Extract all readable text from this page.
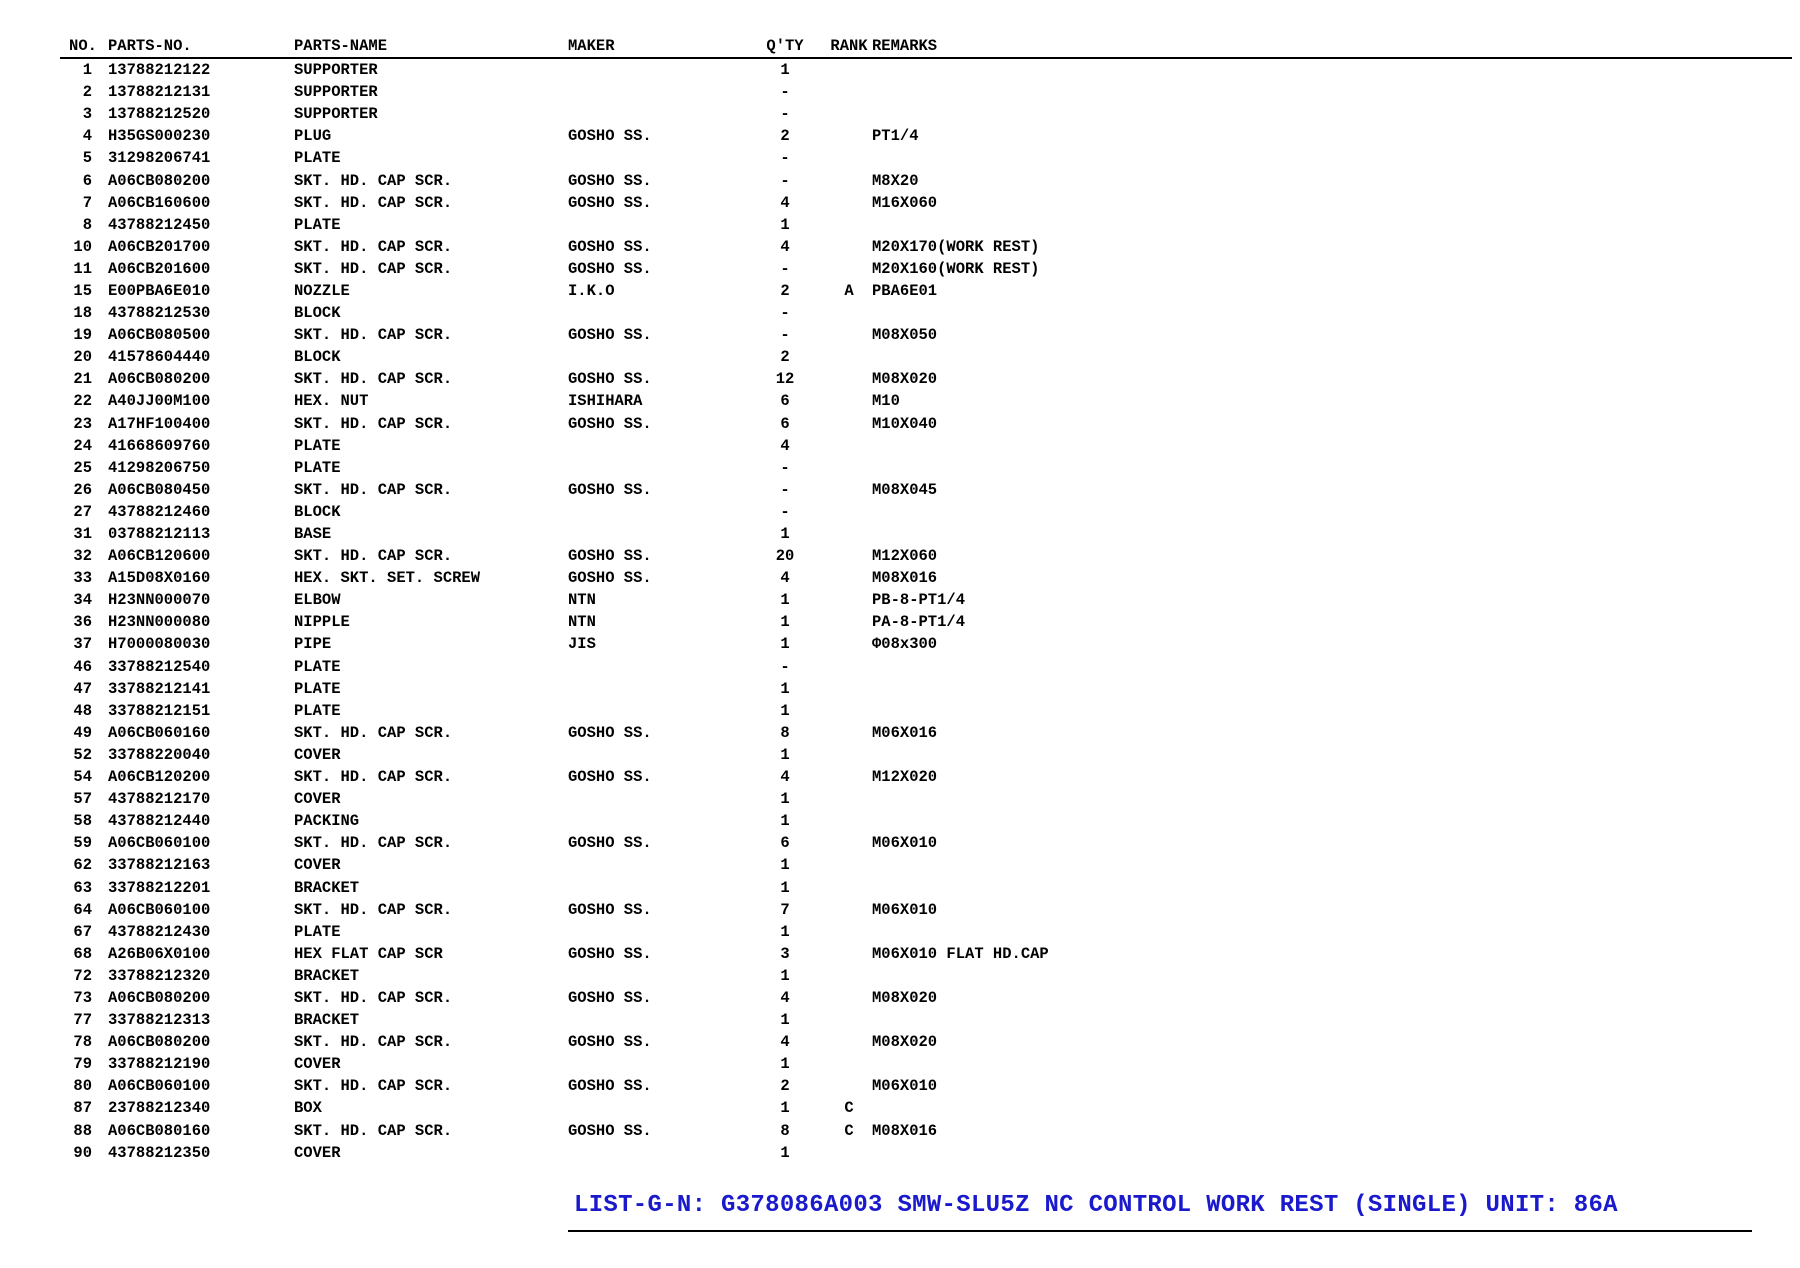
NO.	PARTS-NO.	PARTS-NAME	MAKER	Q'TY	RANK	REMARKS
1	13788212122	SUPPORTER		1		
2	13788212131	SUPPORTER		-		
3	13788212520	SUPPORTER		-		
4	H35GS000230	PLUG	GOSHO SS.	2		PT1/4
5	31298206741	PLATE		-		
6	A06CB080200	SKT. HD. CAP SCR.	GOSHO SS.	-		M8X20
7	A06CB160600	SKT. HD. CAP SCR.	GOSHO SS.	4		M16X060
8	43788212450	PLATE		1		
10	A06CB201700	SKT. HD. CAP SCR.	GOSHO SS.	4		M20X170(WORK REST)
11	A06CB201600	SKT. HD. CAP SCR.	GOSHO SS.	-		M20X160(WORK REST)
15	E00PBA6E010	NOZZLE	I.K.O	2	A	PBA6E01
18	43788212530	BLOCK		-		
19	A06CB080500	SKT. HD. CAP SCR.	GOSHO SS.	-		M08X050
20	41578604440	BLOCK		2		
21	A06CB080200	SKT. HD. CAP SCR.	GOSHO SS.	12		M08X020
22	A40JJ00M100	HEX. NUT	ISHIHARA	6		M10
23	A17HF100400	SKT. HD. CAP SCR.	GOSHO SS.	6		M10X040
24	41668609760	PLATE		4		
25	41298206750	PLATE		-		
26	A06CB080450	SKT. HD. CAP SCR.	GOSHO SS.	-		M08X045
27	43788212460	BLOCK		-		
31	03788212113	BASE		1		
32	A06CB120600	SKT. HD. CAP SCR.	GOSHO SS.	20		M12X060
33	A15D08X0160	HEX. SKT. SET. SCREW	GOSHO SS.	4		M08X016
34	H23NN000070	ELBOW	NTN	1		PB-8-PT1/4
36	H23NN000080	NIPPLE	NTN	1		PA-8-PT1/4
37	H7000080030	PIPE	JIS	1		Φ08x300
46	33788212540	PLATE		-		
47	33788212141	PLATE		1		
48	33788212151	PLATE		1		
49	A06CB060160	SKT. HD. CAP SCR.	GOSHO SS.	8		M06X016
52	33788220040	COVER		1		
54	A06CB120200	SKT. HD. CAP SCR.	GOSHO SS.	4		M12X020
57	43788212170	COVER		1		
58	43788212440	PACKING		1		
59	A06CB060100	SKT. HD. CAP SCR.	GOSHO SS.	6		M06X010
62	33788212163	COVER		1		
63	33788212201	BRACKET		1		
64	A06CB060100	SKT. HD. CAP SCR.	GOSHO SS.	7		M06X010
67	43788212430	PLATE		1		
68	A26B06X0100	HEX FLAT CAP SCR	GOSHO SS.	3		M06X010 FLAT HD.CAP
72	33788212320	BRACKET		1		
73	A06CB080200	SKT. HD. CAP SCR.	GOSHO SS.	4		M08X020
77	33788212313	BRACKET		1		
78	A06CB080200	SKT. HD. CAP SCR.	GOSHO SS.	4		M08X020
79	33788212190	COVER		1		
80	A06CB060100	SKT. HD. CAP SCR.	GOSHO SS.	2		M06X010
87	23788212340	BOX		1	C	
88	A06CB080160	SKT. HD. CAP SCR.	GOSHO SS.	8	C	M08X016
90	43788212350	COVER		1		
LIST-G-N: G378086A003 SMW-SLU5Z NC CONTROL WORK REST (SINGLE) UNIT: 86A
